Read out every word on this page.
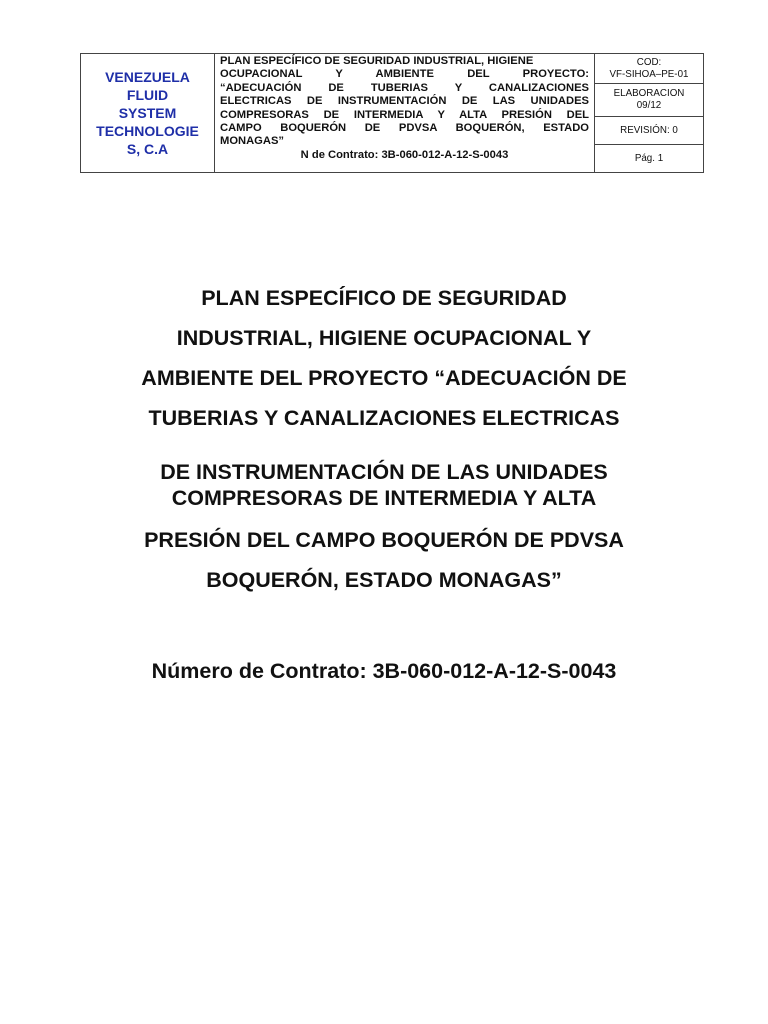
VENEZUELA
FLUID
SYSTEM
TECHNOLOGIE
S, C.A
PLAN ESPECÍFICO DE SEGURIDAD INDUSTRIAL, HIGIENE
OCUPACIONAL Y AMBIENTE DEL PROYECTO:
“ADECUACIÓN DE TUBERIAS Y CANALIZACIONES
ELECTRICAS DE INSTRUMENTACIÓN DE LAS UNIDADES
COMPRESORAS DE INTERMEDIA Y ALTA PRESIÓN DEL
CAMPO BOQUERÓN DE PDVSA BOQUERÓN, ESTADO
MONAGAS”
N de Contrato: 3B-060-012-A-12-S-0043
COD:
VF-SIHOA–PE-01
ELABORACION
09/12
REVISIÓN: 0
Pág. 1
PLAN ESPECÍFICO DE SEGURIDAD
INDUSTRIAL, HIGIENE OCUPACIONAL Y
AMBIENTE DEL PROYECTO “ADECUACIÓN DE
TUBERIAS Y CANALIZACIONES ELECTRICAS
DE INSTRUMENTACIÓN DE LAS UNIDADES
COMPRESORAS DE INTERMEDIA Y ALTA
PRESIÓN DEL CAMPO BOQUERÓN DE PDVSA
BOQUERÓN, ESTADO MONAGAS”
Número de Contrato: 3B-060-012-A-12-S-0043
